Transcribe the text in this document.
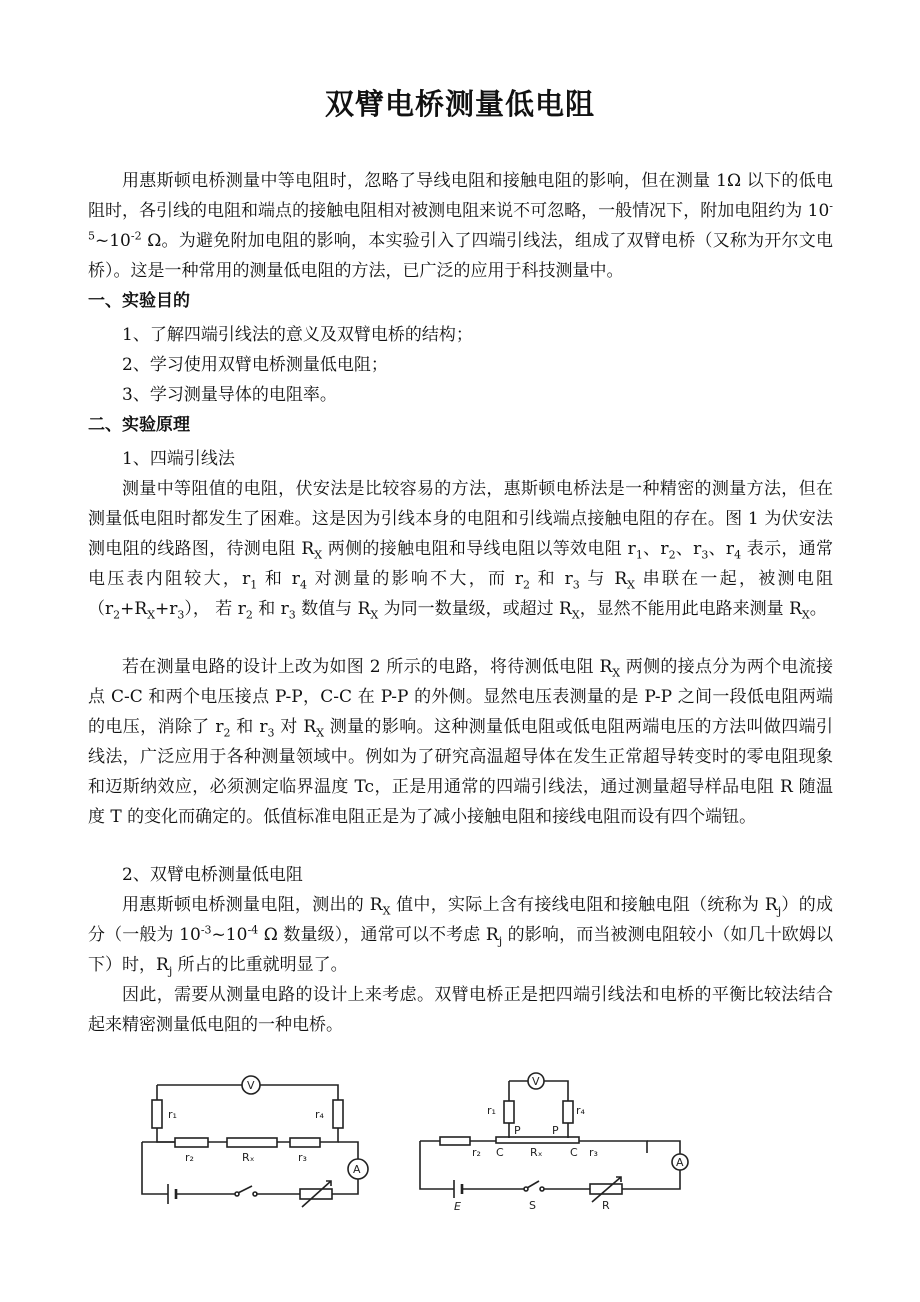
双臂电桥测量低电阻

用惠斯顿电桥测量中等电阻时，忽略了导线电阻和接触电阻的影响，但在测量 1Ω 以下的低电阻时，各引线的电阻和端点的接触电阻相对被测电阻来说不可忽略，一般情况下，附加电阻约为 $10^{-5}\sim 10^{-2}$ Ω。为避免附加电阻的影响，本实验引入了四端引线法，组成了双臂电桥（又称为开尔文电桥）。这是一种常用的测量低电阻的方法，已广泛的应用于科技测量中。

一、实验目的

1、了解四端引线法的意义及双臂电桥的结构；

2、学习使用双臂电桥测量低电阻；

3、学习测量导体的电阻率。

二、实验原理

1、四端引线法

测量中等阻值的电阻，伏安法是比较容易的方法，惠斯顿电桥法是一种精密的测量方法，但在测量低电阻时都发生了困难。这是因为引线本身的电阻和引线端点接触电阻的存在。图 1 为伏安法测电阻的线路图，待测电阻 $R_X$ 两侧的接触电阻和导线电阻以等效电阻 $r_1$、$r_2$、$r_3$、$r_4$ 表示，通常电压表内阻较大，$r_1$ 和 $r_4$ 对测量的影响不大，而 $r_2$ 和 $r_3$ 与 $R_X$ 串联在一起，被测电阻$(r_2+R_X+r_3)$， 若 $r_2$ 和 $r_3$ 数值与 $R_X$ 为同一数量级，或超过 $R_X$，显然不能用此电路来测量 $R_X$。

若在测量电路的设计上改为如图 2 所示的电路，将待测低电阻 $R_X$ 两侧的接点分为两个电流接点 C-C 和两个电压接点 P-P，C-C 在 P-P 的外侧。显然电压表测量的是 P-P 之间一段低电阻两端的电压，消除了 $r_2$ 和 $r_3$ 对 $R_X$ 测量的影响。这种测量低电阻或低电阻两端电压的方法叫做四端引线法，广泛应用于各种测量领域中。例如为了研究高温超导体在发生正常超导转变时的零电阻现象和迈斯纳效应，必须测定临界温度 Tc，正是用通常的四端引线法，通过测量超导样品电阻 R 随温度 T 的变化而确定的。低值标准电阻正是为了减小接触电阻和接线电阻而设有四个端钮。

2、双臂电桥测量低电阻

用惠斯顿电桥测量电阻，测出的 $R_X$ 值中，实际上含有接线电阻和接触电阻（统称为 $R_j$）的成分（一般为 $10^{-3}\sim 10^{-4}$ Ω 数量级），通常可以不考虑 $R_j$ 的影响，而当被测电阻较小（如几十欧姆以下）时，$R_j$ 所占的比重就明显了。

因此，需要从测量电路的设计上来考虑。双臂电桥正是把四端引线法和电桥的平衡比较法结合起来精密测量低电阻的一种电桥。

V
r₁	r₄
r₂	Rₓ	r₃
A
V
r₁	r₄
P	P
r₂ C Rₓ C r₃
A
E	S	R
